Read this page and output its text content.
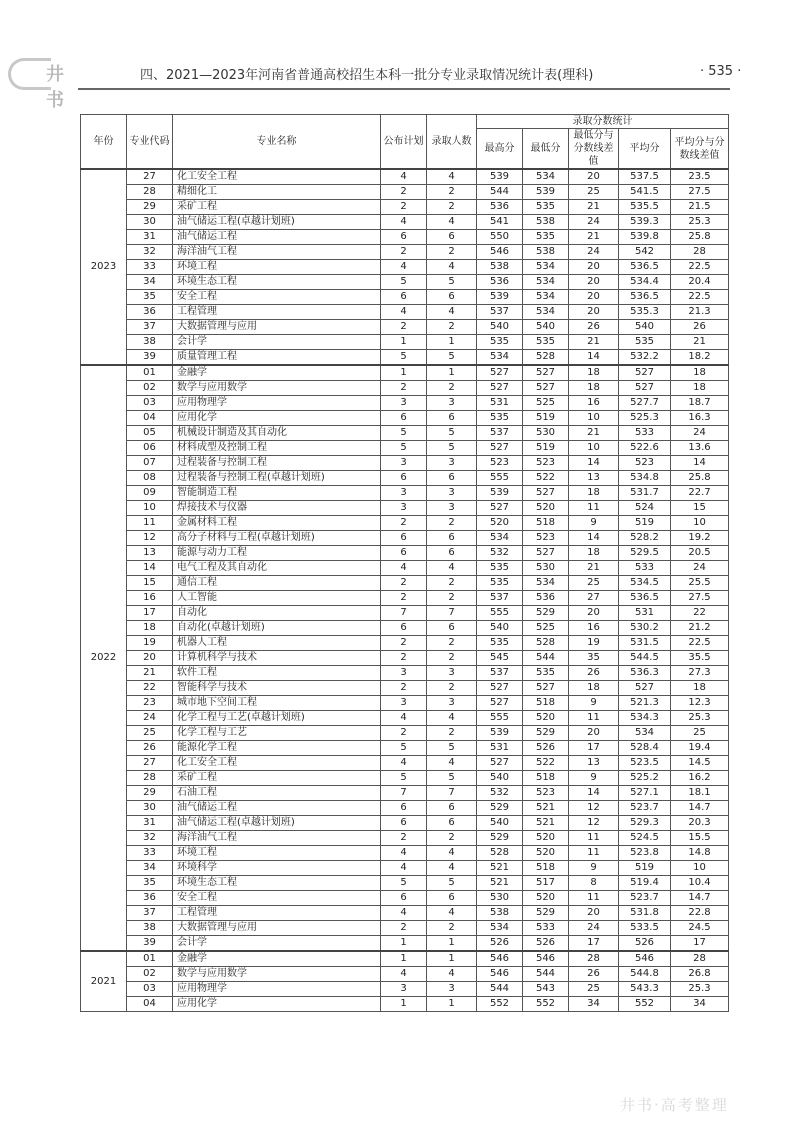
井书
四、2021—2023年河南省普通高校招生本科一批分专业录取情况统计表(理科)	· 535 ·
年份	专业代码	专业名称	公布计划	录取人数	录取分数统计				
					最高分	最低分	最低分与分数线差值	平均分	平均分与分数线差值
2023	27	化工安全工程	4	4	539	534	20	537.5	23.5
	28	精细化工	2	2	544	539	25	541.5	27.5
	29	采矿工程	2	2	536	535	21	535.5	21.5
	30	油气储运工程(卓越计划班)	4	4	541	538	24	539.3	25.3
	31	油气储运工程	6	6	550	535	21	539.8	25.8
	32	海洋油气工程	2	2	546	538	24	542	28
	33	环境工程	4	4	538	534	20	536.5	22.5
	34	环境生态工程	5	5	536	534	20	534.4	20.4
	35	安全工程	6	6	539	534	20	536.5	22.5
	36	工程管理	4	4	537	534	20	535.3	21.3
	37	大数据管理与应用	2	2	540	540	26	540	26
	38	会计学	1	1	535	535	21	535	21
	39	质量管理工程	5	5	534	528	14	532.2	18.2
2022	01	金融学	1	1	527	527	18	527	18
	02	数学与应用数学	2	2	527	527	18	527	18
	03	应用物理学	3	3	531	525	16	527.7	18.7
	04	应用化学	6	6	535	519	10	525.3	16.3
	05	机械设计制造及其自动化	5	5	537	530	21	533	24
	06	材料成型及控制工程	5	5	527	519	10	522.6	13.6
	07	过程装备与控制工程	3	3	523	523	14	523	14
	08	过程装备与控制工程(卓越计划班)	6	6	555	522	13	534.8	25.8
	09	智能制造工程	3	3	539	527	18	531.7	22.7
	10	焊接技术与仪器	3	3	527	520	11	524	15
	11	金属材料工程	2	2	520	518	9	519	10
	12	高分子材料与工程(卓越计划班)	6	6	534	523	14	528.2	19.2
	13	能源与动力工程	6	6	532	527	18	529.5	20.5
	14	电气工程及其自动化	4	4	535	530	21	533	24
	15	通信工程	2	2	535	534	25	534.5	25.5
	16	人工智能	2	2	537	536	27	536.5	27.5
	17	自动化	7	7	555	529	20	531	22
	18	自动化(卓越计划班)	6	6	540	525	16	530.2	21.2
	19	机器人工程	2	2	535	528	19	531.5	22.5
	20	计算机科学与技术	2	2	545	544	35	544.5	35.5
	21	软件工程	3	3	537	535	26	536.3	27.3
	22	智能科学与技术	2	2	527	527	18	527	18
	23	城市地下空间工程	3	3	527	518	9	521.3	12.3
	24	化学工程与工艺(卓越计划班)	4	4	555	520	11	534.3	25.3
	25	化学工程与工艺	2	2	539	529	20	534	25
	26	能源化学工程	5	5	531	526	17	528.4	19.4
	27	化工安全工程	4	4	527	522	13	523.5	14.5
	28	采矿工程	5	5	540	518	9	525.2	16.2
	29	石油工程	7	7	532	523	14	527.1	18.1
	30	油气储运工程	6	6	529	521	12	523.7	14.7
	31	油气储运工程(卓越计划班)	6	6	540	521	12	529.3	20.3
	32	海洋油气工程	2	2	529	520	11	524.5	15.5
	33	环境工程	4	4	528	520	11	523.8	14.8
	34	环境科学	4	4	521	518	9	519	10
	35	环境生态工程	5	5	521	517	8	519.4	10.4
	36	安全工程	6	6	530	520	11	523.7	14.7
	37	工程管理	4	4	538	529	20	531.8	22.8
	38	大数据管理与应用	2	2	534	533	24	533.5	24.5
	39	会计学	1	1	526	526	17	526	17
2021	01	金融学	1	1	546	546	28	546	28
	02	数学与应用数学	4	4	546	544	26	544.8	26.8
	03	应用物理学	3	3	544	543	25	543.3	25.3
	04	应用化学	1	1	552	552	34	552	34
井书·高考整理
